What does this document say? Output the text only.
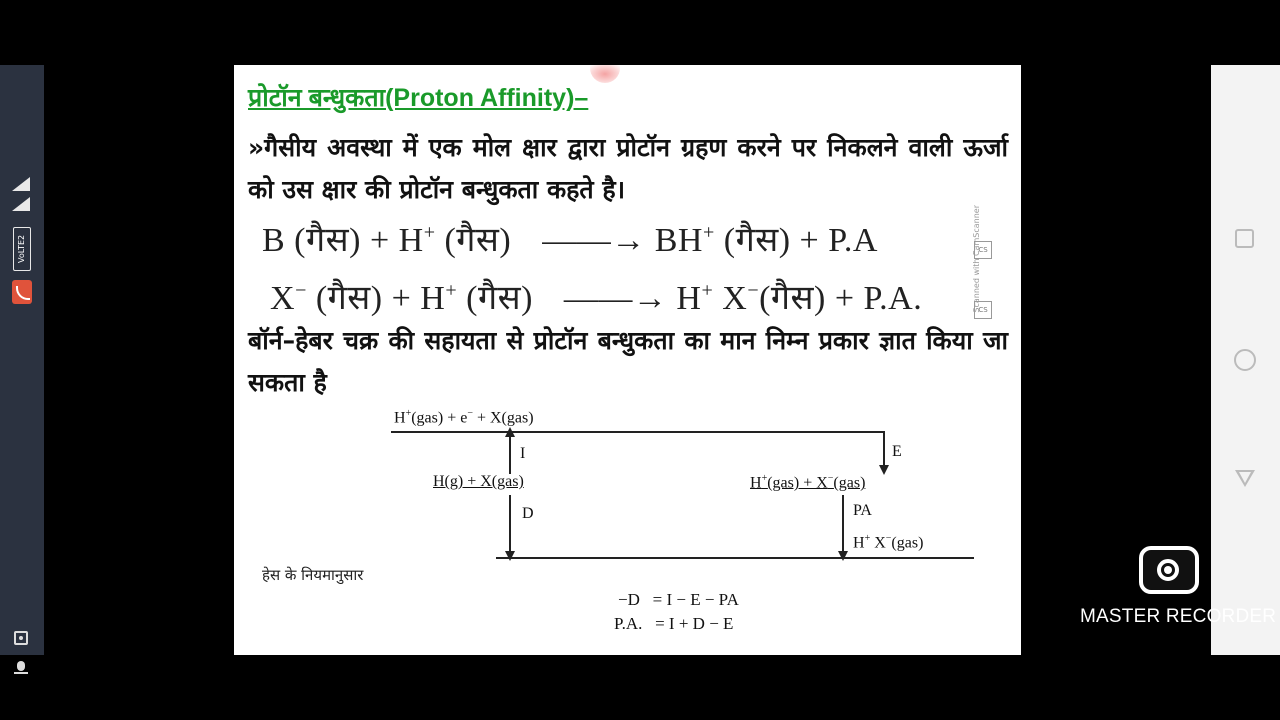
VoLTE2
प्रोटॉन बन्धुकता(Proton Affinity)–
»गैसीय अवस्था में एक मोल क्षार द्वारा प्रोटॉन ग्रहण करने पर निकलने वाली ऊर्जा को उस क्षार की प्रोटॉन बन्धुकता कहते है।
B (गैस) + H+ (गैस) ——→ BH+ (गैस) + P.A
X− (गैस) + H+ (गैस) ——→ H+ X−(गैस) + P.A.	Scanned with CamScanner
CS
CS
बॉर्न–हेबर चक्र की सहायता से प्रोटॉन बन्धुकता का मान निम्न प्रकार ज्ञात किया जा सकता है
H+(gas) + e− + X(gas)
I	E
H(g) + X(gas)	H+(gas) + X−(gas)
D	PA
H+ X−(gas)
हेस के नियमानुसार
−D   = I − E − PA
P.A.   = I + D − E	MASTER RECORDER
